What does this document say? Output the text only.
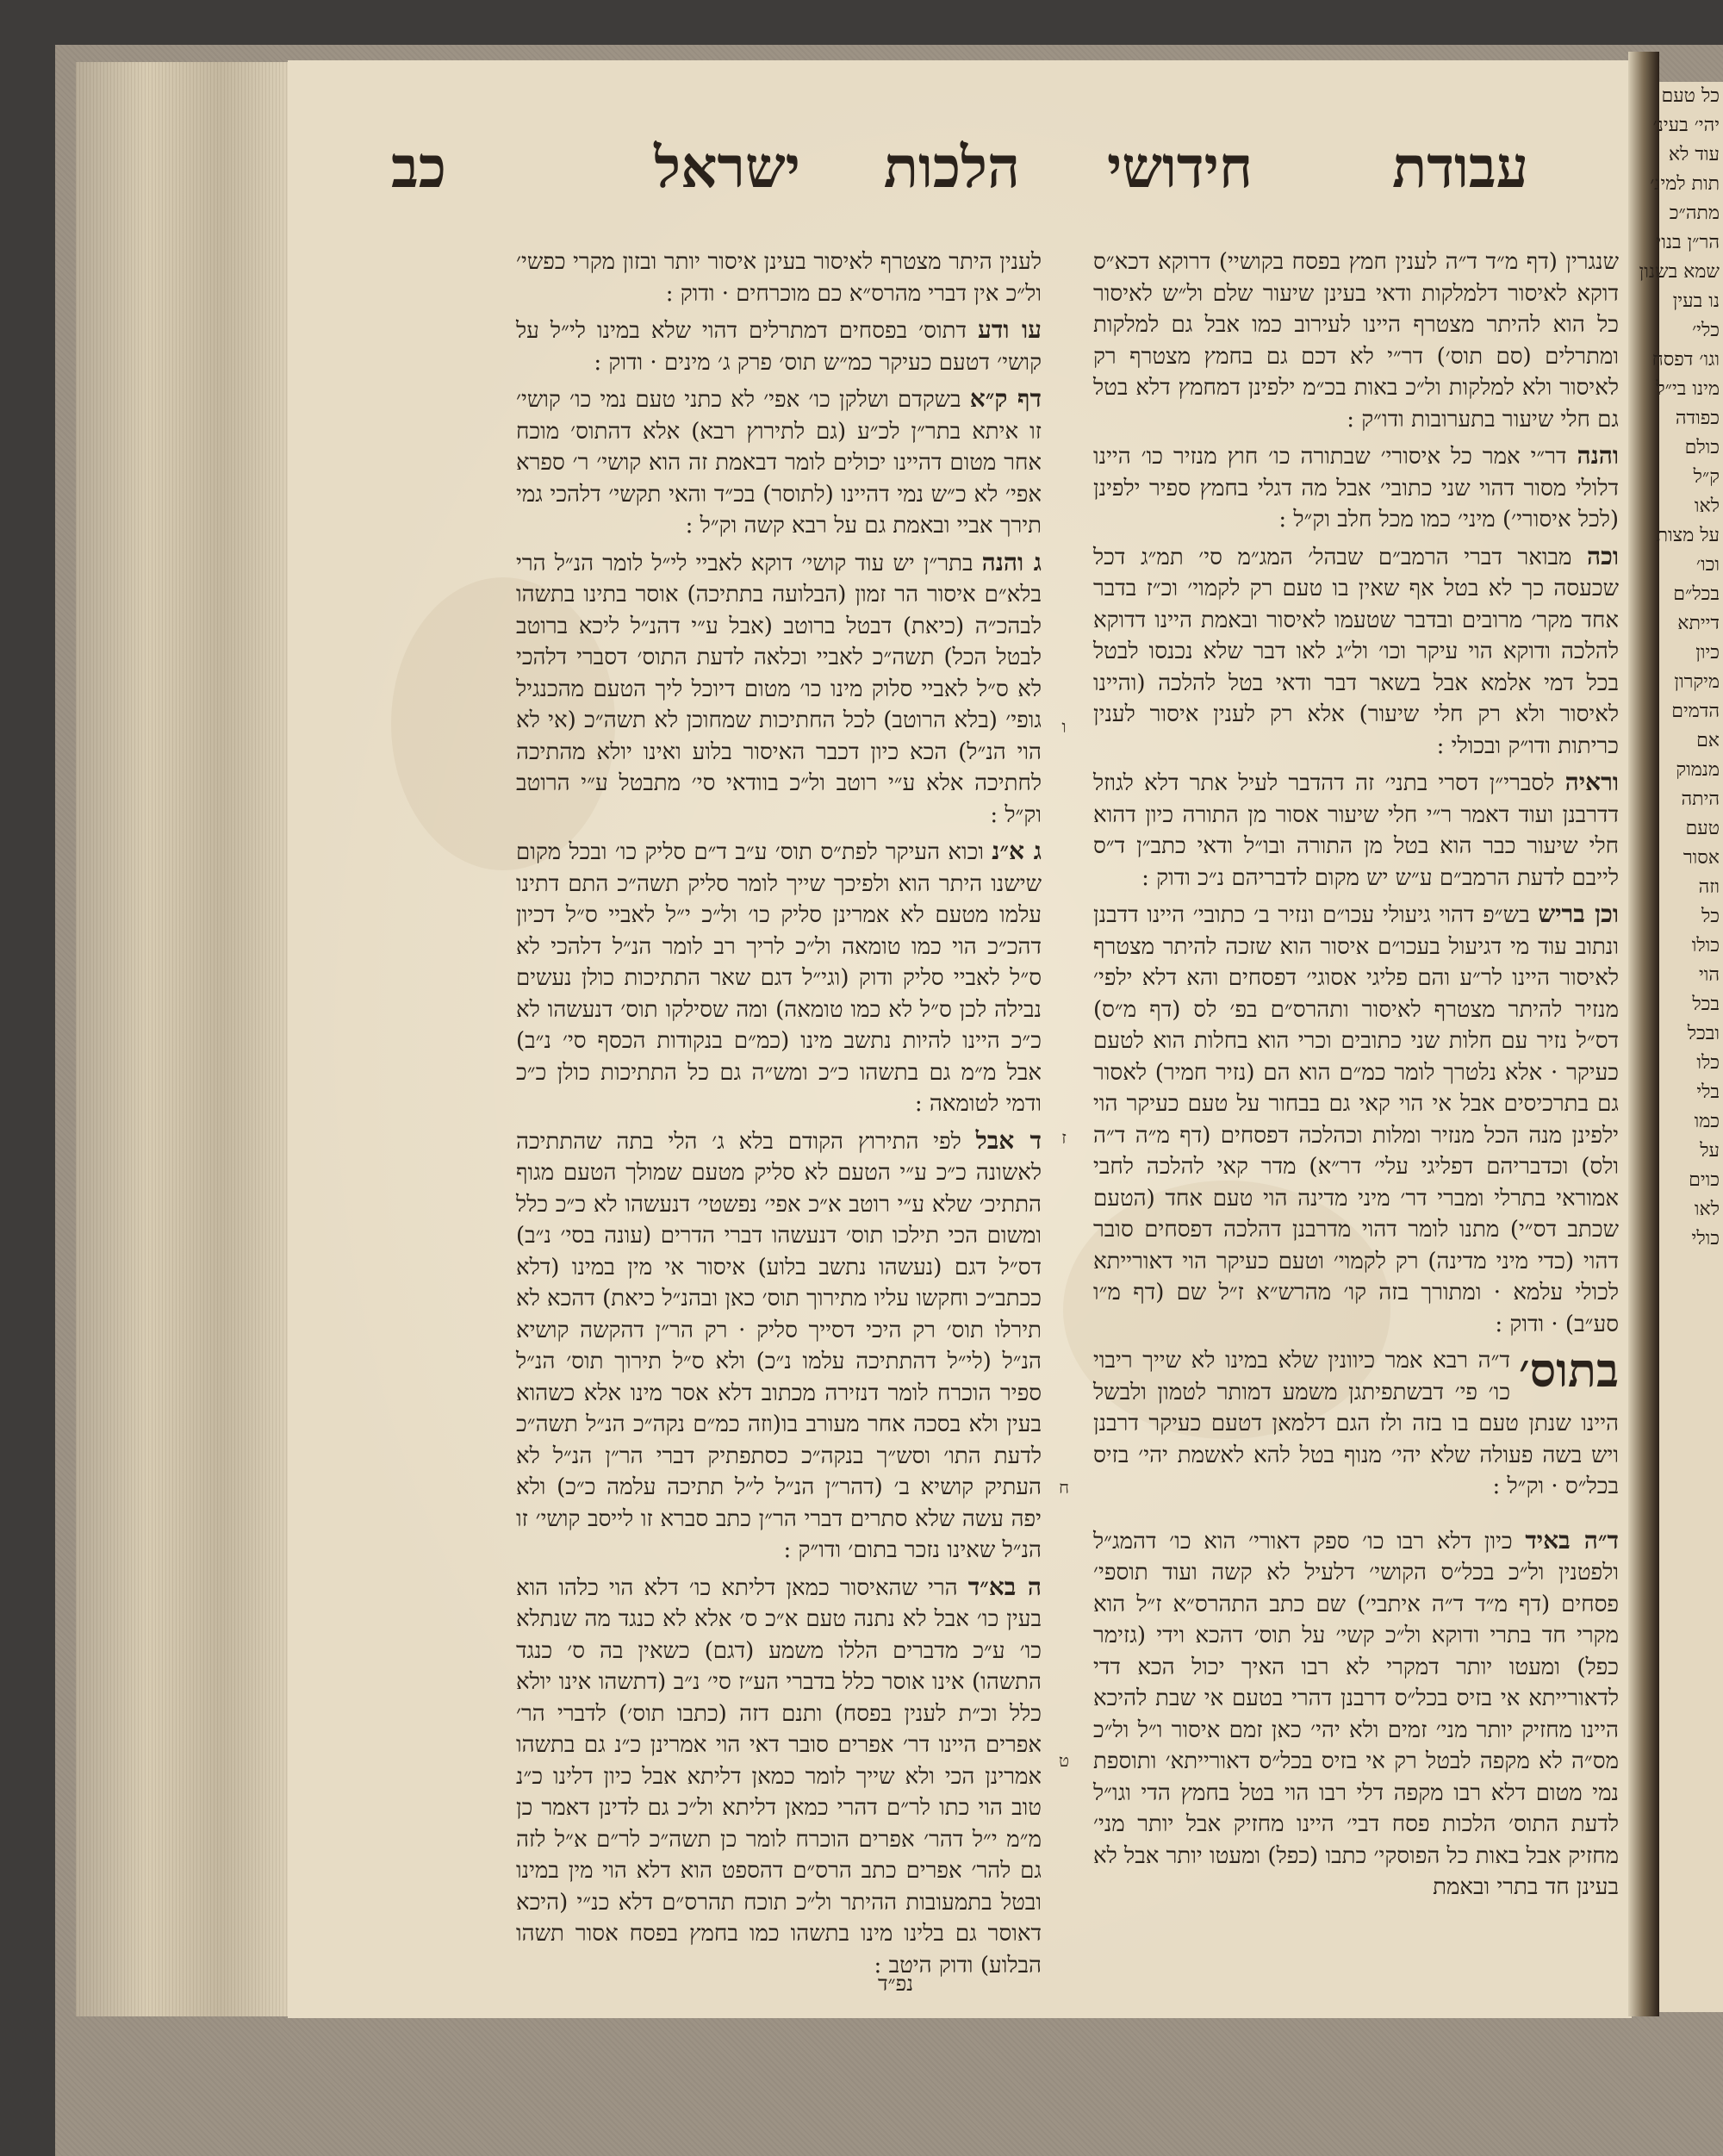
עבודת
חידושי
הלכות
ישראל
כב

שנגרין (דף מ״ד ד״ה לענין חמץ בפסח בקושיי) דרוקא דכא״ס דוקא לאיסור דלמלקות ודאי בעינן שיעור שלם ול״ש לאיסור כל הוא להיתר מצטרף היינו לעירוב כמו אבל גם למלקות ומתרלים (סם תוס׳) דר״י לא דכם גם בחמץ מצטרף רק לאיסור ולא למלקות ול״כ באות בכ״מ ילפינן דמחמץ דלא בטל גם חלי שיעור בתערובות ודו״ק :

והנה דר״י אמר כל איסורי׳ שבתורה כו׳ חוץ מנזיר כו׳ היינו דלולי מסור דהוי שני כתובי׳ אבל מה דגלי בחמץ ספיר ילפינן (לכל איסורי׳) מיני׳ כמו מכל חלב וק״ל :

וכה מבואר דברי הרמב״ם שבהל׳ המג״מ סי׳ תמ״ג דכל שכעסה כך לא בטל אף שאין בו טעם רק לקמוי׳ וכ״ז בדבר אחד מקר׳ מרובים ובדבר שטעמו לאיסור ובאמת היינו דדוקא להלכה ודוקא הוי עיקר וכו׳ ול״ג לאו דבר שלא נכנסו לבטל בכל דמי אלמא אבל בשאר דבר ודאי בטל להלכה (והיינו לאיסור ולא רק חלי שיעור) אלא רק לענין איסור לענין כריתות ודו״ק ובכולי :

וראיה לסברי״ן דסרי בתני׳ זה דהדבר לעיל אתר דלא לגוזל דדרבנן ועוד דאמר ר״י חלי שיעור אסור מן התורה כיון דהוא חלי שיעור כבר הוא בטל מן התורה ובו״ל ודאי כתב״ן ד״ס לייבם לדעת הרמב״ם ע״ש יש מקום לדבריהם נ״כ ודוק :

וכן בריש בש״פ דהוי גיעולי עכו״ם ונזיר ב׳ כתובי׳ היינו דדבנן ונתוב עוד מי דגיעול בעכו״ם איסור הוא שזכה להיתר מצטרף לאיסור היינו לר״ע והם פליגי אסוגי׳ דפסחים והא דלא ילפי׳ מנזיר להיתר מצטרף לאיסור ותהרס״ם בפ׳ לס (דף מ״ס) דס״ל נזיר עם חלות שני כתובים וכרי הוא בחלות הוא לטעם כעיקר · אלא נלטרך לומר כמ״ם הוא הם (נזיר חמיר) לאסור גם בתרכיסים אבל אי הוי קאי גם בבחור על טעם כעיקר הוי ילפינן מנה הכל מנזיר ומלות וכהלכה דפסחים (דף מ״ה ד״ה ולס) וכדבריהם דפליגי עלי׳ דר״א) מדר קאי להלכה לחבי אמוראי בתרלי ומברי דר׳ מיני מדינה הוי טעם אחד (הטעם שכתב דס״י) מתנו לומר דהוי מדרבנן דהלכה דפסחים סובר דהוי (כדי מיני מדינה) רק לקמוי׳ וטעם כעיקר הוי דאורייתא לכולי עלמא · ומתורך בזה קו׳ מהרש״א ז״ל שם (דף מ״ו סע״ב) · ודוק :

בתוס׳
ד״ה רבא אמר כיוונין שלא במינו לא שייך ריבוי כו׳ פי׳ דבשתפיתגן משמע דמותר לטמון ולבשל היינו שנתן טעם בו בזה ולז הגם דלמאן דטעם כעיקר דרבנן ויש בשה פעולה שלא יהי׳ מנוף בטל להא לאשמת יהי׳ בזיס בכל״ס · וק״ל :

ד״ה באיד כיון דלא רבו כו׳ ספק דאורי׳ הוא כו׳ דהמג״ל ולפטנין ול״כ בכל״ס הקושי׳ דלעיל לא קשה ועוד תוספי׳ פסחים (דף מ״ד ד״ה איתבי׳) שם כתב התהרס״א ז״ל הוא מקרי חד בתרי ודוקא ול״כ קשי׳ על תוס׳ דהכא וידי (גזימר כפל) ומעטו יותר דמקרי לא רבו האיך יכול הכא דדי לדאורייתא אי בזיס בכל״ס דרבנן דהרי בטעם אי שבת להיכא היינו מחזיק יותר מני׳ זמים ולא יהי׳ כאן זמם איסור ו״ל ול״כ מס״ה לא מקפה לבטל רק אי בזיס בכל״ס דאורייתא׳ ותוספת נמי מטום דלא רבו מקפה דלי רבו הוי בטל בחמץ הדי וגו״ל לדעת התוס׳ הלכות פסח דבי׳ היינו מחזיק אבל יותר מני׳ מחזיק אבל באות כל הפוסקי׳ כתבו (כפל) ומעטו יותר אבל לא בעינן חד בתרי ובאמת

ו
ז
ח
ט

לענין היתר מצטרף לאיסור בעינן איסור יותר ובזון מקרי כפשי׳ ול״כ אין דברי מהרס״א כם מוכרחים · ודוק :

עו ודע דתוס׳ בפסחים דמתרלים דהוי שלא במינו לי״ל על קושי׳ דטעם כעיקר כמ״ש תוס׳ פרק ג׳ מינים · ודוק :

דף ק״א בשקדם ושלקן כו׳ אפי׳ לא כתני טעם נמי כו׳ קושי׳ זו איתא בתר״ן לכ״ע (גם לתירוץ רבא) אלא דהתוס׳ מוכח אחר מטום דהיינו יכולים לומר דבאמת זה הוא קושי׳ ר׳ ספרא אפי׳ לא כ״ש נמי דהיינו (לתוסר) בכ״ד והאי תקשי׳ דלהכי גמי תירך אביי ובאמת גם על רבא קשה וק״ל :

ג והנה בתר״ן יש עוד קושי׳ דוקא לאביי לי״ל לומר הנ״ל הרי בלא״ם איסור הר זמון (הבלועה בתתיכה) אוסר בתינו בתשהו לבהכ״ה (כיאת) דבטל ברוטב (אבל ע״י דהנ״ל ליכא ברוטב לבטל הכל) תשה״כ לאביי וכלאה לדעת התוס׳ דסברי דלהכי לא ס״ל לאביי סלוק מינו כו׳ מטום דיוכל ליך הטעם מהכנגיל גופי׳ (בלא הרוטב) לכל החתיכות שמחוכן לא תשה״כ (אי לא הוי הנ״ל) הכא כיון דכבר האיסור בלוע ואינו יולא מהתיכה לחתיכה אלא ע״י רוטב ול״כ בוודאי סי׳ מתבטל ע״י הרוטב וק״ל :

ג א״נ וכוא העיקר לפת״ס תוס׳ ע״ב ד״ם סליק כו׳ ובכל מקום שישנו היתר הוא ולפיכך שייך לומר סליק תשה״כ התם דתינו עלמו מטעם לא אמרינן סליק כו׳ ול״כ י״ל לאביי ס״ל דכיון דהכ״כ הוי כמו טומאה ול״כ לריך רב לומר הנ״ל דלהכי לא ס״ל לאביי סליק ודוק (וגי״ל דגם שאר התתיכות כולן נעשים נבילה לכן ס״ל לא כמו טומאה) ומה שסילקו תוס׳ דנעשהו לא כ״כ היינו להיות נתשב מינו (כמ״ם בנקודות הכסף סי׳ נ״ב) אבל מ״מ גם בתשהו כ״כ ומש״ה גם כל התתיכות כולן כ״כ ודמי לטומאה :

ד אבל לפי התירוץ הקודם בלא ג׳ הלי בתה שהתתיכה לאשונה כ״כ ע״י הטעם לא סליק מטעם שמולך הטעם מגוף התתיכ׳ שלא ע״י רוטב א״כ אפי׳ נפשטי׳ דנעשהו לא כ״כ כלל ומשום הכי תילכו תוס׳ דנעשהו דברי הדרים (עונה בסי׳ נ״ב) דס״ל דגם (נעשהו נתשב בלוע) איסור אי מין במינו (דלא ככתב״כ וחקשו עליו מתירוך תוס׳ כאן ובהנ״ל כיאת) דהכא לא תירלו תוס׳ רק היכי דסייך סליק · רק הר״ן דהקשה קושיא הנ״ל (לי״ל דהתתיכה עלמו נ״כ) ולא ס״ל תירוך תוס׳ הנ״ל ספיר הוכרח לומר דנזירה מכתוב דלא אסר מינו אלא כשהוא בעין ולא בסכה אחר מעורב בו(וזה כמ״ם נקה״כ הנ״ל תשה״כ לדעת התו׳ וסש״ך בנקה״כ כסתפתיק דברי הר״ן הנ״ל לא העתיק קושיא ב׳ (דהר״ן הנ״ל ל״ל תתיכה עלמה כ״כ) ולא יפה עשה שלא סתרים דברי הר״ן כתב סברא זו לייסב קושי׳ זו הנ״ל שאינו נזכר בתום׳ ודו״ק :

ה בא״ד הרי שהאיסור כמאן דליתא כו׳ דלא הוי כלהו הוא בעין כו׳ אבל לא נתנה טעם א״כ ס׳ אלא לא כנגד מה שנתלא כו׳ ע״כ מדברים הללו משמע (דגם) כשאין בה ס׳ כנגד התשהו) אינו אוסר כלל בדברי הע״ז סי׳ נ״ב (דתשהו אינו יולא כלל וכ״ת לענין בפסח) ותנם דזה (כתבו תוס׳) לדברי הר׳ אפרים היינו דר׳ אפרים סובר דאי הוי אמרינן כ״נ גם בתשהו אמרינן הכי ולא שייך לומר כמאן דליתא אבל כיון דלינו כ״נ טוב הוי כתו לר״ם דהרי כמאן דליתא ול״כ גם לדינן דאמר כן מ״מ י״ל דהר׳ אפרים הוכרח לומר כן תשה״כ לר״ם א״ל לזה גם להר׳ אפרים כתב הרס״ם דהספט הוא דלא הוי מין במינו ובטל בתמעובות ההיתר ול״כ תוכח תהרס״ם דלא כנ״י (היכא דאוסר גם בלינו מינו בתשהו כמו בחמץ בפסח אסור תשהו הבלוע) ודוק היטב :

נפ״ד
כל טעם
יהי׳ בעינ׳
עוד לא
תות למינ׳
מתה״כ
הר״ן בנוי
שמא בשנון
נו בעין
כלי׳
וגו׳ דפסח
מינו בי״ל
כפודה
כולם
ק״ל
לאו
על מצות
וכו׳
בכל״ם
דייתא
כיון
מיקרון
הדמים
אם
מנמוק
היתה
טעם
אסור
וזה
כל
כולו
הוי
בכל
ובכל
כלו
בלי
כמו
על
כוים
לאו
כולי
